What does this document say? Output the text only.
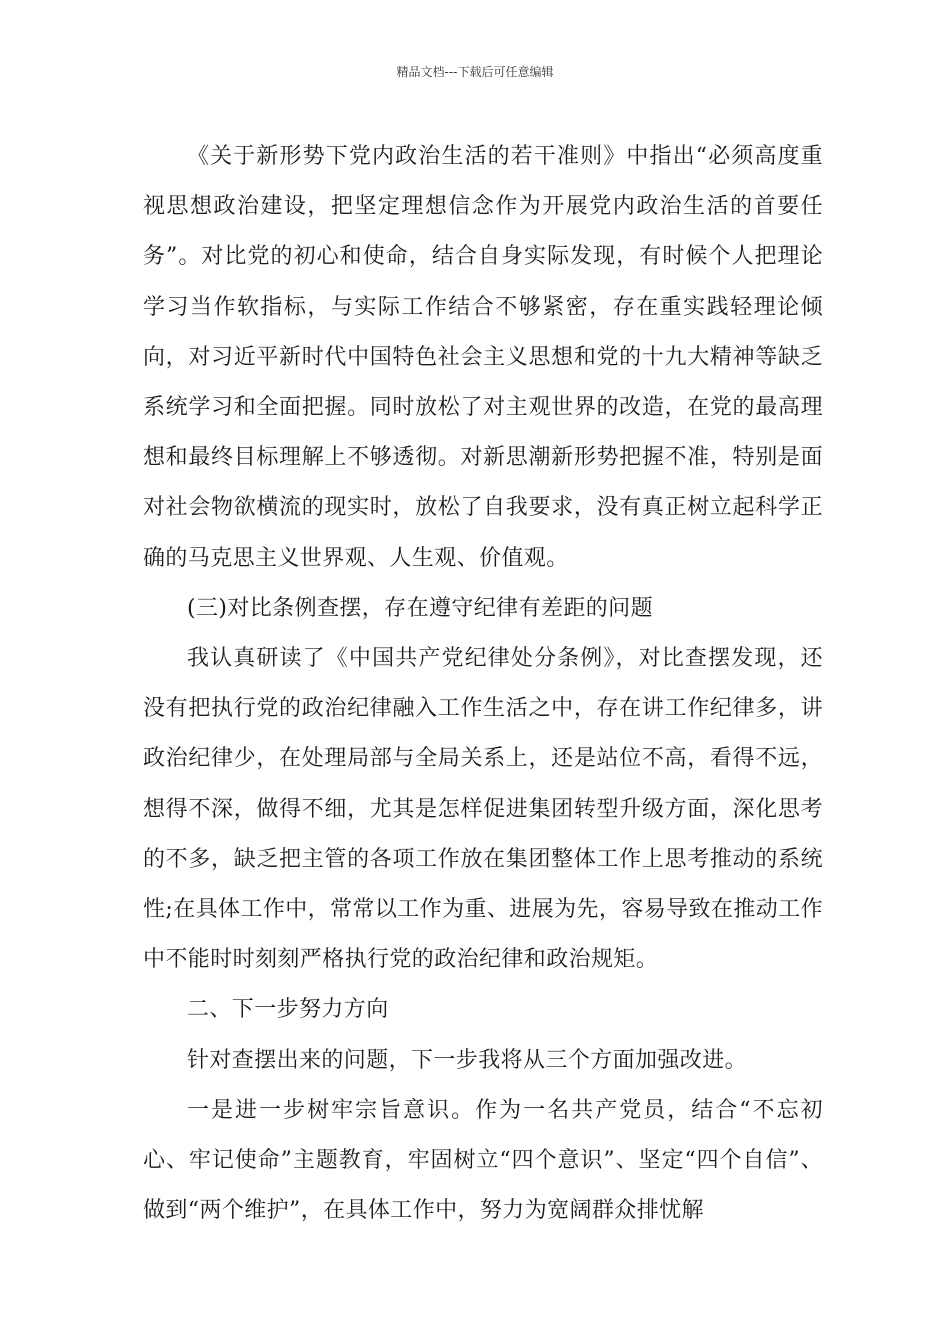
精品文档---下载后可任意编辑

《关于新形势下党内政治生活的若干准则》中指出“必须高度重视思想政治建设，把坚定理想信念作为开展党内政治生活的首要任务”。对比党的初心和使命，结合自身实际发现，有时候个人把理论学习当作软指标，与实际工作结合不够紧密，存在重实践轻理论倾向，对习近平新时代中国特色社会主义思想和党的十九大精神等缺乏系统学习和全面把握。同时放松了对主观世界的改造，在党的最高理想和最终目标理解上不够透彻。对新思潮新形势把握不准，特别是面对社会物欲横流的现实时，放松了自我要求，没有真正树立起科学正确的马克思主义世界观、人生观、价值观。

(三)对比条例查摆，存在遵守纪律有差距的问题

我认真研读了《中国共产党纪律处分条例》，对比查摆发现，还没有把执行党的政治纪律融入工作生活之中，存在讲工作纪律多，讲政治纪律少，在处理局部与全局关系上，还是站位不高，看得不远，想得不深，做得不细，尤其是怎样促进集团转型升级方面，深化思考的不多，缺乏把主管的各项工作放在集团整体工作上思考推动的系统性;在具体工作中，常常以工作为重、进展为先，容易导致在推动工作中不能时时刻刻严格执行党的政治纪律和政治规矩。

二、下一步努力方向

针对查摆出来的问题，下一步我将从三个方面加强改进。

一是进一步树牢宗旨意识。作为一名共产党员，结合“不忘初心、牢记使命”主题教育，牢固树立“四个意识”、坚定“四个自信”、做到“两个维护”，在具体工作中，努力为宽阔群众排忧解
